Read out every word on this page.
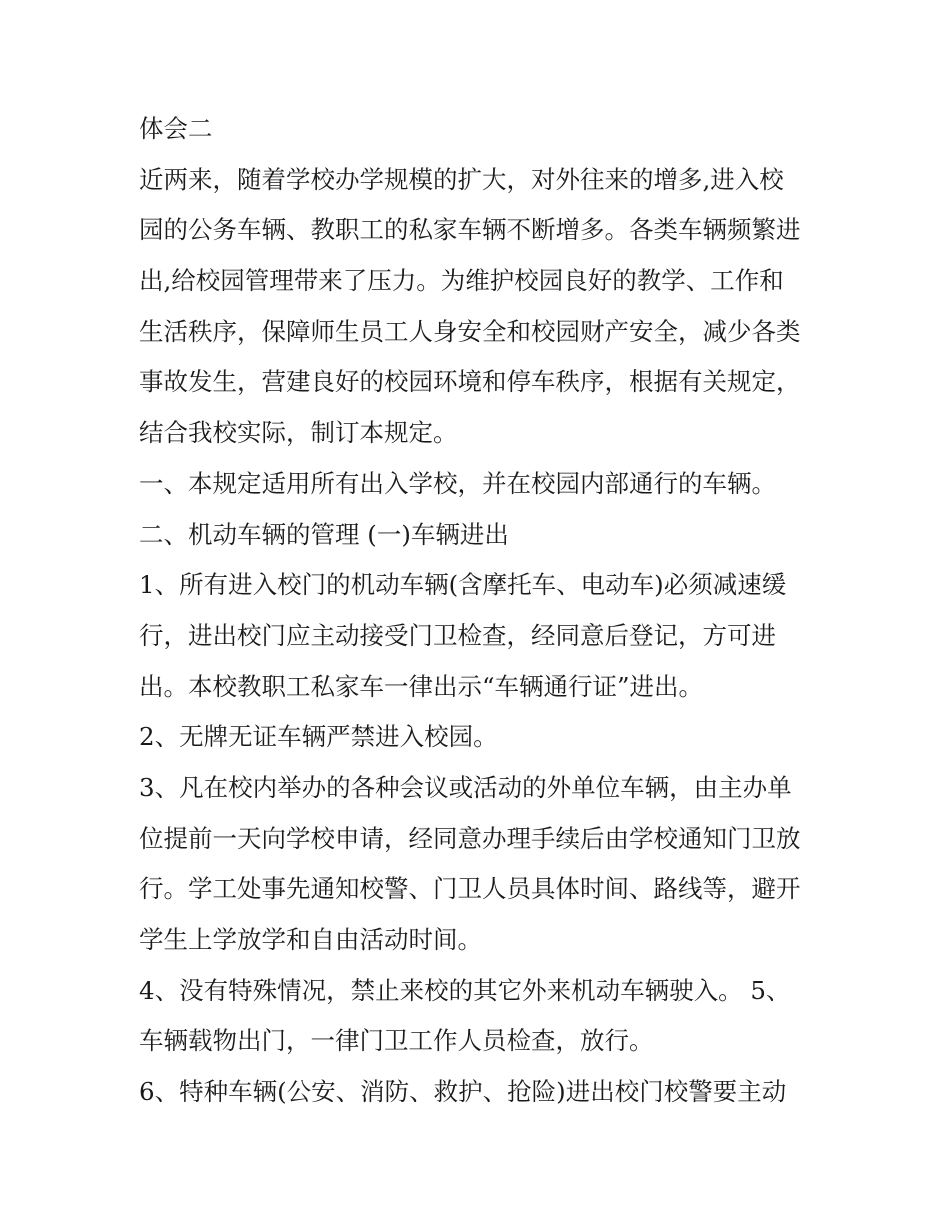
体会二
近两来，随着学校办学规模的扩大，对外往来的增多,进入校
园的公务车辆、教职工的私家车辆不断增多。各类车辆频繁进
出,给校园管理带来了压力。为维护校园良好的教学、工作和
生活秩序，保障师生员工人身安全和校园财产安全，减少各类
事故发生，营建良好的校园环境和停车秩序，根据有关规定，
结合我校实际，制订本规定。
一、本规定适用所有出入学校，并在校园内部通行的车辆。
二、机动车辆的管理 (一)车辆进出
1、所有进入校门的机动车辆(含摩托车、电动车)必须减速缓
行，进出校门应主动接受门卫检查，经同意后登记，方可进
出。本校教职工私家车一律出示“车辆通行证”进出。
2、无牌无证车辆严禁进入校园。
3、凡在校内举办的各种会议或活动的外单位车辆，由主办单
位提前一天向学校申请，经同意办理手续后由学校通知门卫放
行。学工处事先通知校警、门卫人员具体时间、路线等，避开
学生上学放学和自由活动时间。
4、没有特殊情况，禁止来校的其它外来机动车辆驶入。 5、
车辆载物出门，一律门卫工作人员检查，放行。
6、特种车辆(公安、消防、救护、抢险)进出校门校警要主动
